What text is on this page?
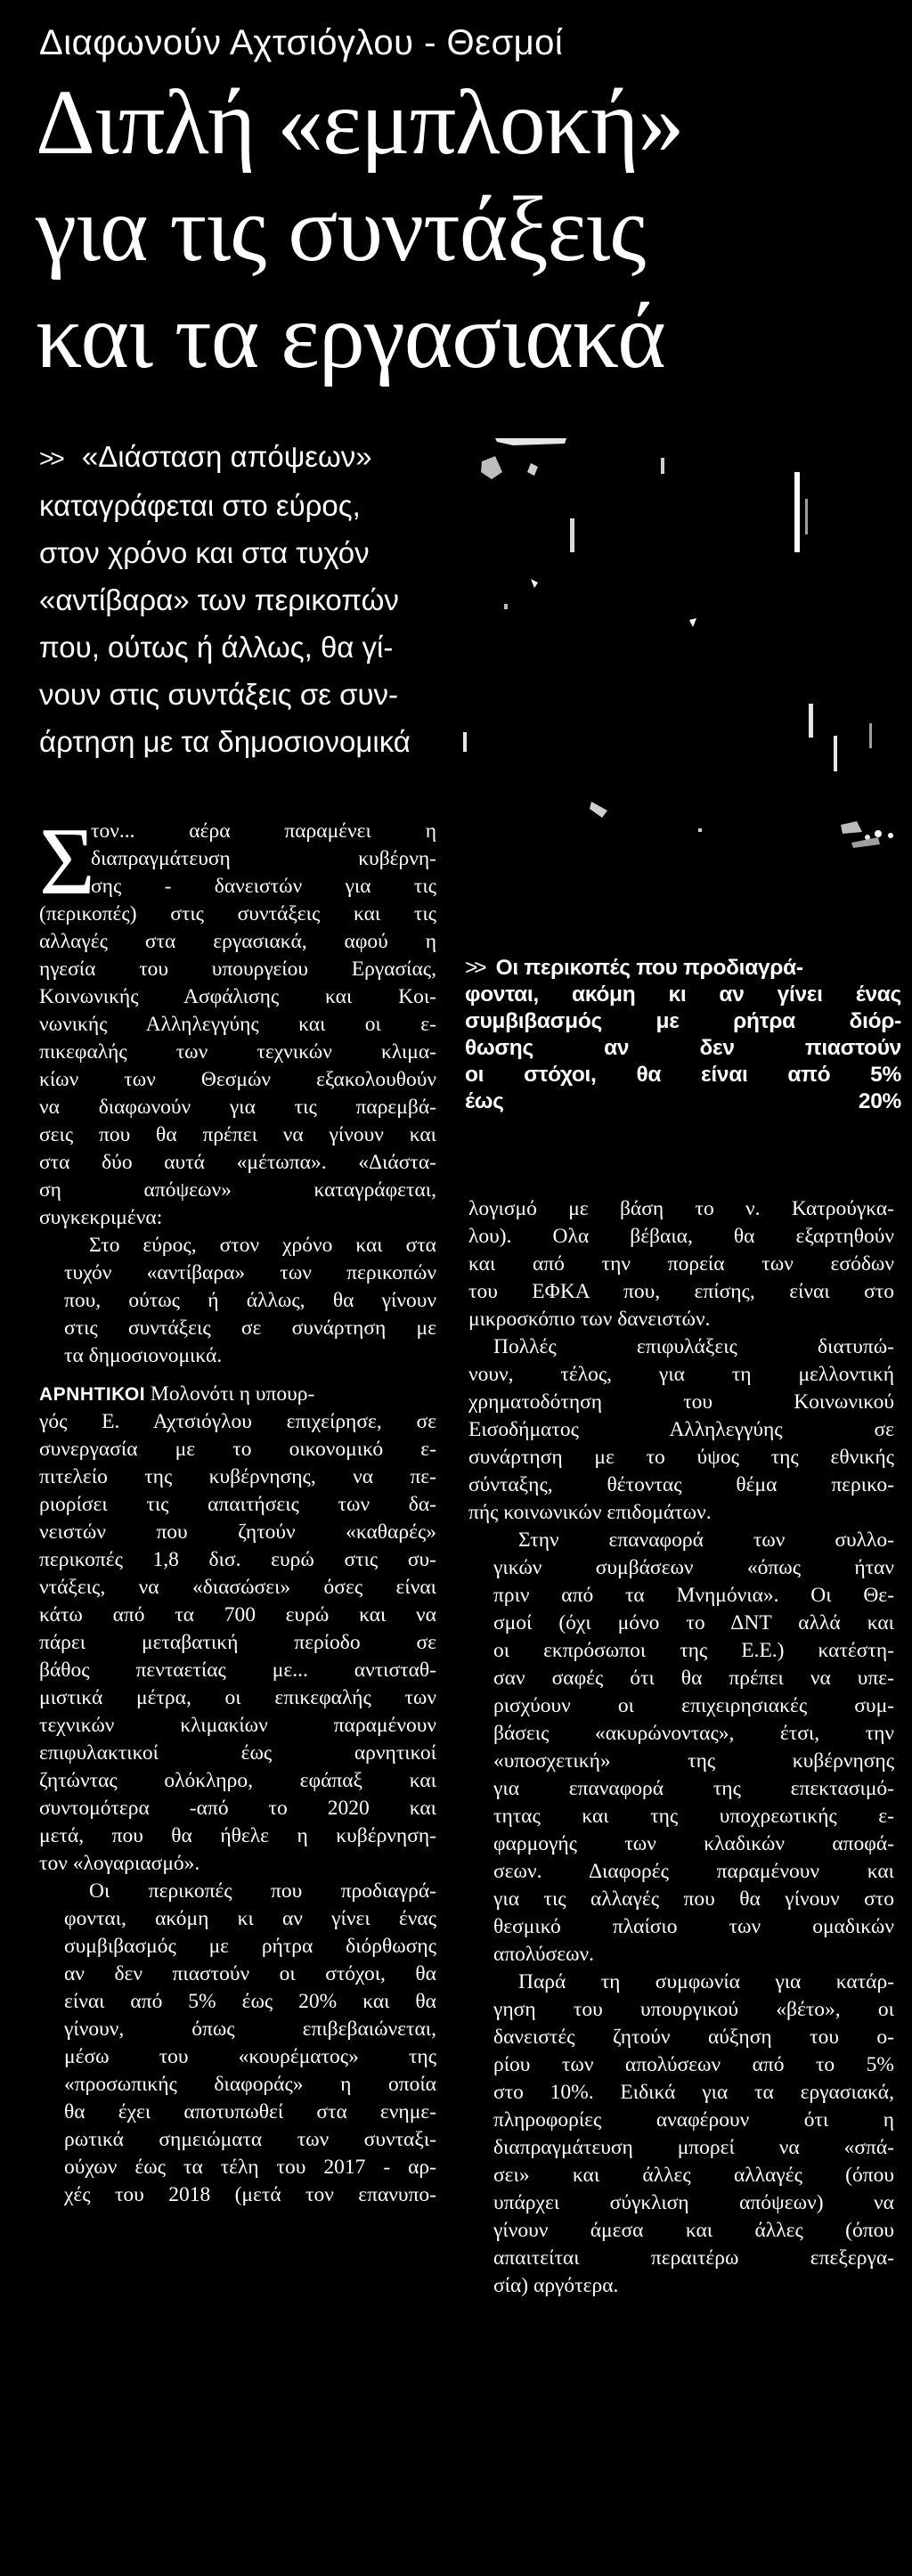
Διαφωνούν Αχτσιόγλου - Θεσμοί
Διπλή «εμπλοκή»
για τις συντάξεις
και τα εργασιακά
>> «Διάσταση απόψεων»

καταγράφεται στο εύρος,
στον χρόνο και στα τυχόν
«αντίβαρα» των περικοπών
που, ούτως ή άλλως, θα γί-
νουν στις συντάξεις σε συν-
άρτηση με τα δημοσιονομικά
>> Οι περικοπές που προδιαγρά-
φονται, ακόμη κι αν γίνει ένας
συμβιβασμός με ρήτρα διόρ-
θωσης αν δεν πιαστούν
οι στόχοι, θα είναι από 5%
έως 20%
Σ

τον... αέρα παραμένει η
διαπραγμάτευση κυβέρνη-
σης - δανειστών για τις
(περικοπές) στις συντάξεις και τις
αλλαγές στα εργασιακά, αφού η
ηγεσία του υπουργείου Εργασίας,
Κοινωνικής Ασφάλισης και Κοι-
νωνικής Αλληλεγγύης και οι ε-
πικεφαλής των τεχνικών κλιμα-
κίων των Θεσμών εξακολουθούν
να διαφωνούν για τις παρεμβά-
σεις που θα πρέπει να γίνουν και
στα δύο αυτά «μέτωπα». «Διάστα-
ση απόψεων» καταγράφεται,
συγκεκριμένα:

Στο εύρος, στον χρόνο και στα
τυχόν «αντίβαρα» των περικοπών
που, ούτως ή άλλως, θα γίνουν
στις συντάξεις σε συνάρτηση με
τα δημοσιονομικά.

ΑΡΝΗΤΙΚΟΙ Μολονότι η υπουρ-
γός Ε. Αχτσιόγλου επιχείρησε, σε
συνεργασία με το οικονομικό ε-
πιτελείο της κυβέρνησης, να πε-
ριορίσει τις απαιτήσεις των δα-
νειστών που ζητούν «καθαρές»
περικοπές 1,8 δισ. ευρώ στις συ-
ντάξεις, να «διασώσει» όσες είναι
κάτω από τα 700 ευρώ και να
πάρει μεταβατική περίοδο σε
βάθος πενταετίας με... αντισταθ-
μιστικά μέτρα, οι επικεφαλής των
τεχνικών κλιμακίων παραμένουν
επιφυλακτικοί έως αρνητικοί
ζητώντας ολόκληρο, εφάπαξ και
συντομότερα -από το 2020 και
μετά, που θα ήθελε η κυβέρνηση-
τον «λογαριασμό».

Οι περικοπές που προδιαγρά-
φονται, ακόμη κι αν γίνει ένας
συμβιβασμός με ρήτρα διόρθωσης
αν δεν πιαστούν οι στόχοι, θα
είναι από 5% έως 20% και θα
γίνουν, όπως επιβεβαιώνεται,
μέσω του «κουρέματος» της
«προσωπικής διαφοράς» η οποία
θα έχει αποτυπωθεί στα ενημε-
ρωτικά σημειώματα των συνταξι-
ούχων έως τα τέλη του 2017 - αρ-
χές του 2018 (μετά τον επανυπο-

λογισμό με βάση το ν. Κατρούγκα-
λου). Ολα βέβαια, θα εξαρτηθούν
και από την πορεία των εσόδων
του ΕΦΚΑ που, επίσης, είναι στο
μικροσκόπιο των δανειστών.
Πολλές επιφυλάξεις διατυπώ-
νουν, τέλος, για τη μελλοντική
χρηματοδότηση του Κοινωνικού
Εισοδήματος Αλληλεγγύης σε
συνάρτηση με το ύψος της εθνικής
σύνταξης, θέτοντας θέμα περικο-
πής κοινωνικών επιδομάτων.

Στην επαναφορά των συλλο-
γικών συμβάσεων «όπως ήταν
πριν από τα Μνημόνια». Οι Θε-
σμοί (όχι μόνο το ΔΝΤ αλλά και
οι εκπρόσωποι της Ε.Ε.) κατέστη-
σαν σαφές ότι θα πρέπει να υπε-
ρισχύουν οι επιχειρησιακές συμ-
βάσεις «ακυρώνοντας», έτσι, την
«υποσχετική» της κυβέρνησης
για επαναφορά της επεκτασιμό-
τητας και της υποχρεωτικής ε-
φαρμογής των κλαδικών αποφά-
σεων. Διαφορές παραμένουν και
για τις αλλαγές που θα γίνουν στο
θεσμικό πλαίσιο των ομαδικών
απολύσεων.

Παρά τη συμφωνία για κατάρ-
γηση του υπουργικού «βέτο», οι
δανειστές ζητούν αύξηση του ο-
ρίου των απολύσεων από το 5%
στο 10%. Ειδικά για τα εργασιακά,
πληροφορίες αναφέρουν ότι η
διαπραγμάτευση μπορεί να «σπά-
σει» και άλλες αλλαγές (όπου
υπάρχει σύγκλιση απόψεων) να
γίνουν άμεσα και άλλες (όπου
απαιτείται περαιτέρω επεξεργα-
σία) αργότερα.
